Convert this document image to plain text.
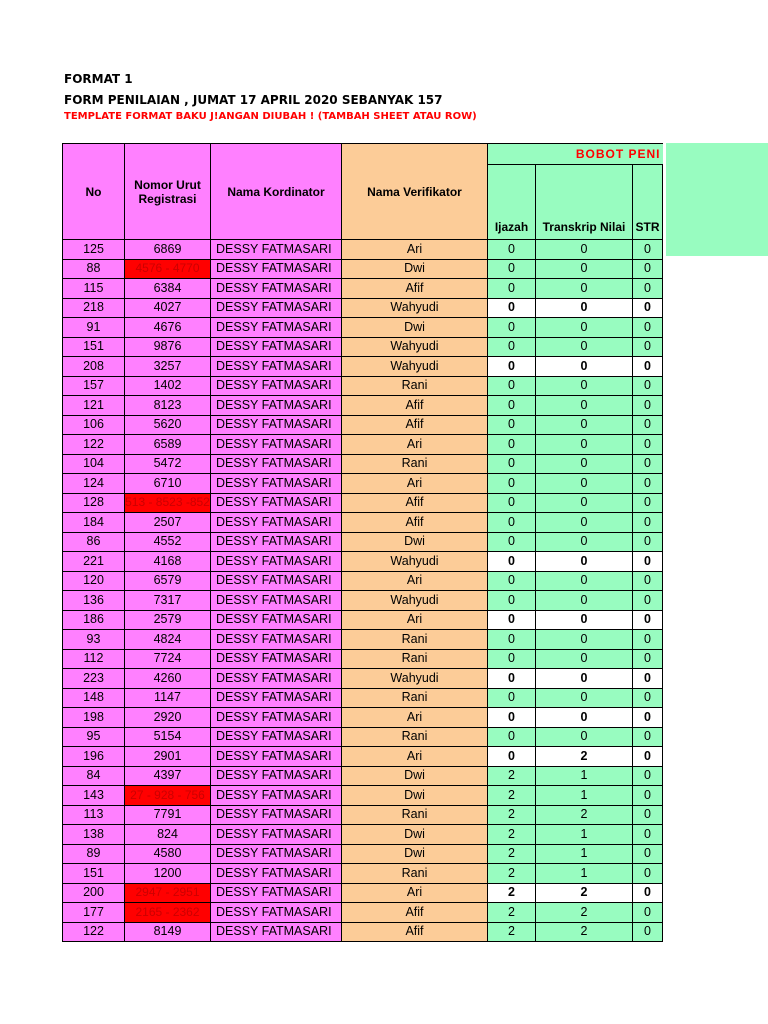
FORMAT 1
FORM PENILAIAN , JUMAT 17 APRIL 2020 SEBANYAK 157
TEMPLATE FORMAT BAKU J!ANGAN DIUBAH ! (TAMBAH SHEET ATAU ROW)
No	Nomor Urut Registrasi	Nama Kordinator	Nama Verifikator	BOBOT PENI		
				Ijazah	Transkrip Nilai	STR
125	6869	DESSY FATMASARI	Ari	0	0	0
88	4576 - 4770	DESSY FATMASARI	Dwi	0	0	0
115	6384	DESSY FATMASARI	Afif	0	0	0
218	4027	DESSY FATMASARI	Wahyudi	0	0	0
91	4676	DESSY FATMASARI	Dwi	0	0	0
151	9876	DESSY FATMASARI	Wahyudi	0	0	0
208	3257	DESSY FATMASARI	Wahyudi	0	0	0
157	1402	DESSY FATMASARI	Rani	0	0	0
121	8123	DESSY FATMASARI	Afif	0	0	0
106	5620	DESSY FATMASARI	Afif	0	0	0
122	6589	DESSY FATMASARI	Ari	0	0	0
104	5472	DESSY FATMASARI	Rani	0	0	0
124	6710	DESSY FATMASARI	Ari	0	0	0
128	513 - 8523 -852	DESSY FATMASARI	Afif	0	0	0
184	2507	DESSY FATMASARI	Afif	0	0	0
86	4552	DESSY FATMASARI	Dwi	0	0	0
221	4168	DESSY FATMASARI	Wahyudi	0	0	0
120	6579	DESSY FATMASARI	Ari	0	0	0
136	7317	DESSY FATMASARI	Wahyudi	0	0	0
186	2579	DESSY FATMASARI	Ari	0	0	0
93	4824	DESSY FATMASARI	Rani	0	0	0
112	7724	DESSY FATMASARI	Rani	0	0	0
223	4260	DESSY FATMASARI	Wahyudi	0	0	0
148	1147	DESSY FATMASARI	Rani	0	0	0
198	2920	DESSY FATMASARI	Ari	0	0	0
95	5154	DESSY FATMASARI	Rani	0	0	0
196	2901	DESSY FATMASARI	Ari	0	2	0
84	4397	DESSY FATMASARI	Dwi	2	1	0
143	27 - 928 - 756	DESSY FATMASARI	Dwi	2	1	0
113	7791	DESSY FATMASARI	Rani	2	2	0
138	824	DESSY FATMASARI	Dwi	2	1	0
89	4580	DESSY FATMASARI	Dwi	2	1	0
151	1200	DESSY FATMASARI	Rani	2	1	0
200	2947 - 2951	DESSY FATMASARI	Ari	2	2	0
177	2165 - 2362	DESSY FATMASARI	Afif	2	2	0
122	8149	DESSY FATMASARI	Afif	2	2	0
